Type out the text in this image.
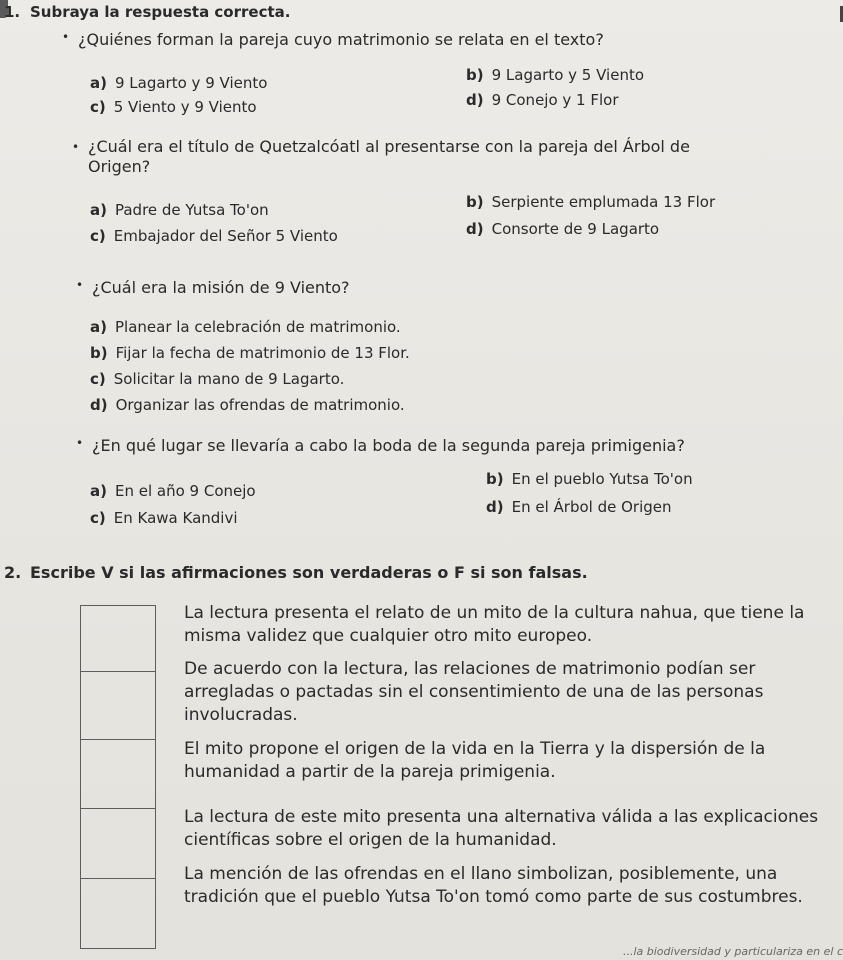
1. Subraya la respuesta correcta.
• ¿Quiénes forman la pareja cuyo matrimonio se relata en el texto?
a) 9 Lagarto y 9 Viento	b) 9 Lagarto y 5 Viento
c) 5 Viento y 9 Viento	d) 9 Conejo y 1 Flor
• ¿Cuál era el título de Quetzalcóatl al presentarse con la pareja del Árbol de Origen?
a) Padre de Yutsa To'on	b) Serpiente emplumada 13 Flor
c) Embajador del Señor 5 Viento	d) Consorte de 9 Lagarto
• ¿Cuál era la misión de 9 Viento?
a) Planear la celebración de matrimonio.
b) Fijar la fecha de matrimonio de 13 Flor.
c) Solicitar la mano de 9 Lagarto.
d) Organizar las ofrendas de matrimonio.
• ¿En qué lugar se llevaría a cabo la boda de la segunda pareja primigenia?
a) En el año 9 Conejo
b) En el pueblo Yutsa To'on
c) En Kawa Kandivi
d) En el Árbol de Origen
2. Escribe V si las afirmaciones son verdaderas o F si son falsas.
La lectura presenta el relato de un mito de la cultura nahua, que tiene la misma validez que cualquier otro mito europeo.
De acuerdo con la lectura, las relaciones de matrimonio podían ser arregladas o pactadas sin el consentimiento de una de las personas involucradas.
El mito propone el origen de la vida en la Tierra y la dispersión de la humanidad a partir de la pareja primigenia.
La lectura de este mito presenta una alternativa válida a las explicaciones científicas sobre el origen de la humanidad.
La mención de las ofrendas en el llano simbolizan, posiblemente, una tradición que el pueblo Yutsa To'on tomó como parte de sus costumbres.
...la biodiversidad y particulariza en el c
